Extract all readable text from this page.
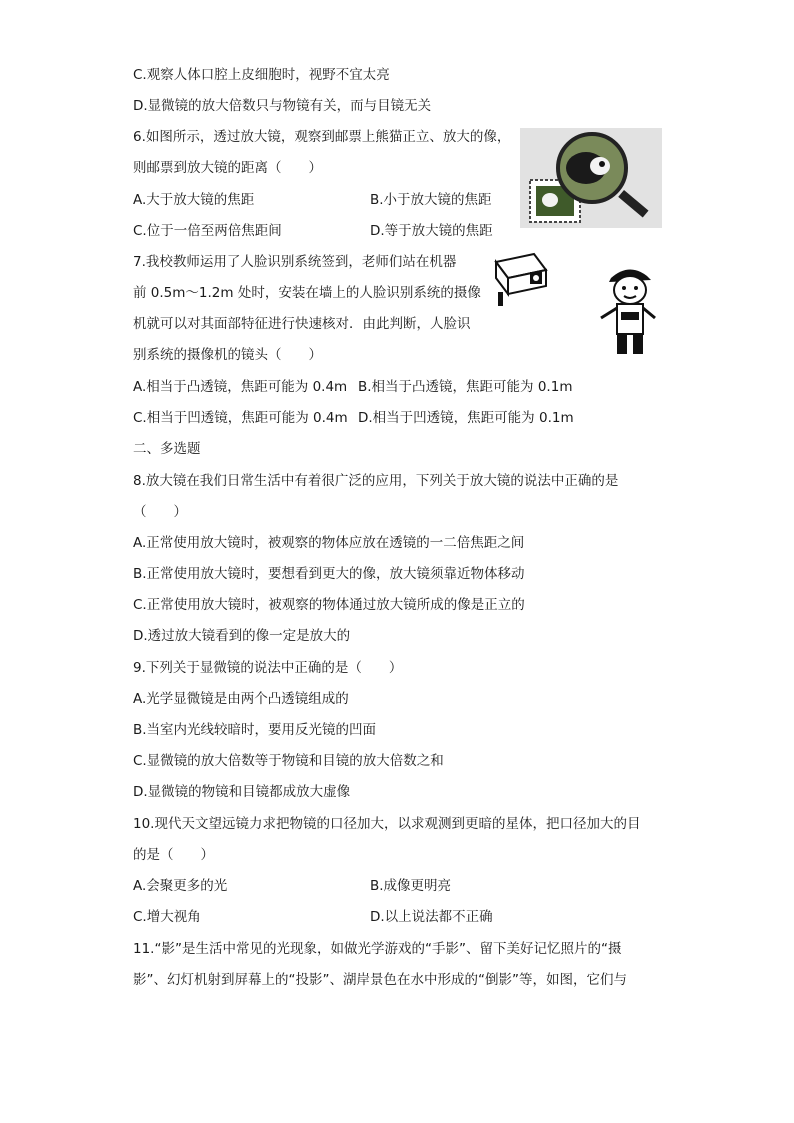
C.观察人体口腔上皮细胞时，视野不宜太亮
D.显微镜的放大倍数只与物镜有关，而与目镜无关
6.如图所示，透过放大镜，观察到邮票上熊猫正立、放大的像，
则邮票到放大镜的距离（　　）
A.大于放大镜的焦距	B.小于放大镜的焦距
C.位于一倍至两倍焦距间	D.等于放大镜的焦距
7.我校教师运用了人脸识别系统签到，老师们站在机器
前 0.5m～1.2m 处时，安装在墙上的人脸识别系统的摄像
机就可以对其面部特征进行快速核对．由此判断，人脸识
别系统的摄像机的镜头（　　）
A.相当于凸透镜，焦距可能为 0.4m B.相当于凸透镜，焦距可能为 0.1m
C.相当于凹透镜，焦距可能为 0.4m D.相当于凹透镜，焦距可能为 0.1m
二、多选题
8.放大镜在我们日常生活中有着很广泛的应用，下列关于放大镜的说法中正确的是
（　　）
A.正常使用放大镜时，被观察的物体应放在透镜的一二倍焦距之间
B.正常使用放大镜时，要想看到更大的像，放大镜须靠近物体移动
C.正常使用放大镜时，被观察的物体通过放大镜所成的像是正立的
D.透过放大镜看到的像一定是放大的
9.下列关于显微镜的说法中正确的是（　　）
A.光学显微镜是由两个凸透镜组成的
B.当室内光线较暗时，要用反光镜的凹面
C.显微镜的放大倍数等于物镜和目镜的放大倍数之和
D.显微镜的物镜和目镜都成放大虚像
10.现代天文望远镜力求把物镜的口径加大，以求观测到更暗的星体，把口径加大的目
的是（　　）
A.会聚更多的光	B.成像更明亮
C.增大视角	D.以上说法都不正确
11.“影”是生活中常见的光现象，如做光学游戏的“手影”、留下美好记忆照片的“摄
影”、幻灯机射到屏幕上的“投影”、湖岸景色在水中形成的“倒影”等，如图，它们与
